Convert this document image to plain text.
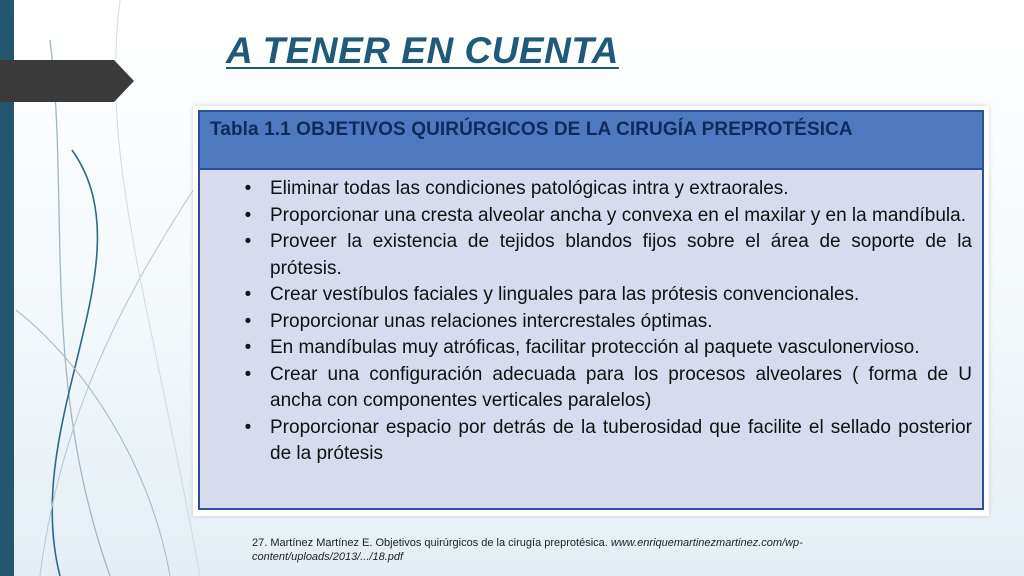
A TENER EN CUENTA
Tabla 1.1 OBJETIVOS QUIRÚRGICOS DE LA CIRUGÍA PREPROTÉSICA
• Eliminar todas las condiciones patológicas intra y extraorales.
• Proporcionar una cresta alveolar ancha y convexa en el maxilar y en la mandíbula.
• Proveer la existencia de tejidos blandos fijos sobre el área de soporte de la prótesis.
• Crear vestíbulos faciales y linguales para las prótesis convencionales.
• Proporcionar unas relaciones intercrestales óptimas.
• En mandíbulas muy atróficas, facilitar protección al paquete vasculonervioso.
• Crear una configuración adecuada para los procesos alveolares ( forma de U ancha con componentes verticales paralelos)
• Proporcionar espacio por detrás de la tuberosidad que facilite el sellado posterior de la prótesis

27. Martínez Martínez E. Objetivos quirúrgicos de la cirugía preprotésica. www.enriquemartinezmartinez.com/wp-content/uploads/2013/.../18.pdf
